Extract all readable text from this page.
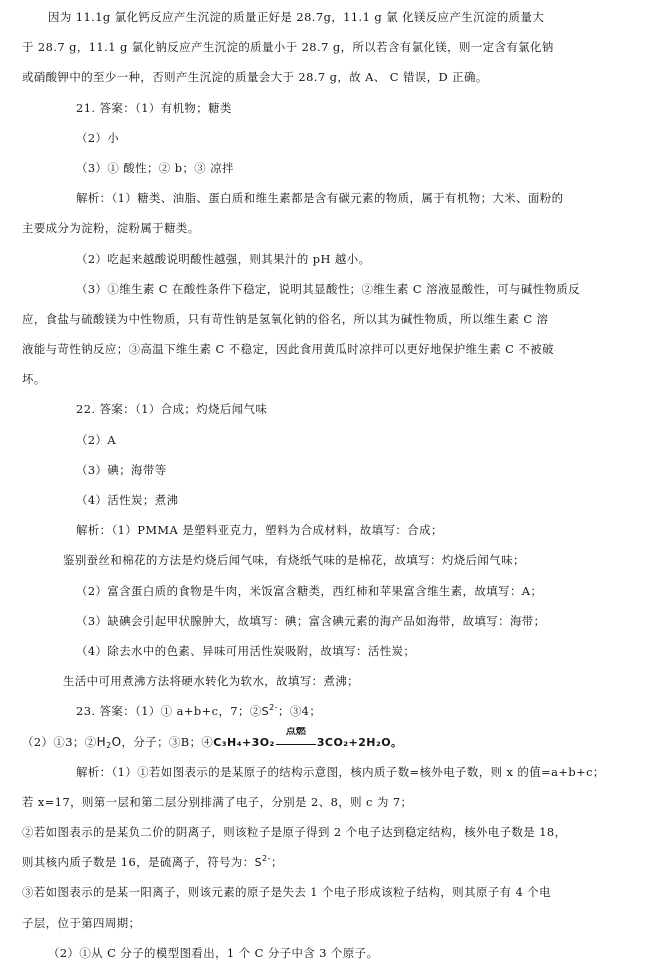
因为 11.1g 氯化钙反应产生沉淀的质量正好是 28.7g，11.1 g 氯 化镁反应产生沉淀的质量大
于 28.7 g，11.1 g 氯化钠反应产生沉淀的质量小于 28.7 g，所以若含有氯化镁，则一定含有氯化钠
或硝酸钾中的至少一种，否则产生沉淀的质量会大于 28.7 g，故 A、 C 错误，D 正确。
21. 答案：（1）有机物；糖类
（2）小
（3）① 酸性；② b；③ 凉拌
解析：（1）糖类、油脂、蛋白质和维生素都是含有碳元素的物质，属于有机物；大米、面粉的
主要成分为淀粉，淀粉属于糖类。
（2）吃起来越酸说明酸性越强，则其果汁的 pH 越小。
（3）①维生素 C 在酸性条件下稳定，说明其显酸性；②维生素 C 溶液显酸性，可与碱性物质反
应，食盐与硫酸镁为中性物质，只有苛性钠是氢氧化钠的俗名，所以其为碱性物质，所以维生素 C 溶
液能与苛性钠反应；③高温下维生素 C 不稳定，因此食用黄瓜时凉拌可以更好地保护维生素 C 不被破
坏。
22. 答案：（1）合成；灼烧后闻气味
（2）A
（3）碘；海带等
（4）活性炭；煮沸
解析：（1）PMMA 是塑料亚克力，塑料为合成材料，故填写：合成；
鉴别蚕丝和棉花的方法是灼烧后闻气味，有烧纸气味的是棉花，故填写：灼烧后闻气味；
（2）富含蛋白质的食物是牛肉，米饭富含糖类，西红柿和苹果富含维生素，故填写：A；
（3）缺碘会引起甲状腺肿大，故填写：碘；富含碘元素的海产品如海带，故填写：海带；
（4）除去水中的色素、异味可用活性炭吸附，故填写：活性炭；
生活中可用煮沸方法将硬水转化为软水，故填写：煮沸；
23. 答案：（1）① a+b+c，7；$②S^{2-}$；③4；
（2）①3；$②H_2O$，分子；③B；④C₃H₄+3O₂
点燃
3CO₂+2H₂O。
解析：（1）①若如图表示的是某原子的结构示意图，核内质子数=核外电子数，则 x 的值=a+b+c；
若 x=17，则第一层和第二层分别排满了电子，分别是 2、8，则 c 为 7；
②若如图表示的是某负二价的阴离子，则该粒子是原子得到 2 个电子达到稳定结构，核外电子数是 18，
则其核内质子数是 16，是硫离子，符号为：$S^{2-}$；
③若如图表示的是某一阳离子，则该元素的原子是失去 1 个电子形成该粒子结构，则其原子有 4 个电
子层，位于第四周期；
（2）①从 C 分子的模型图看出，1 个 C 分子中含 3 个原子。
